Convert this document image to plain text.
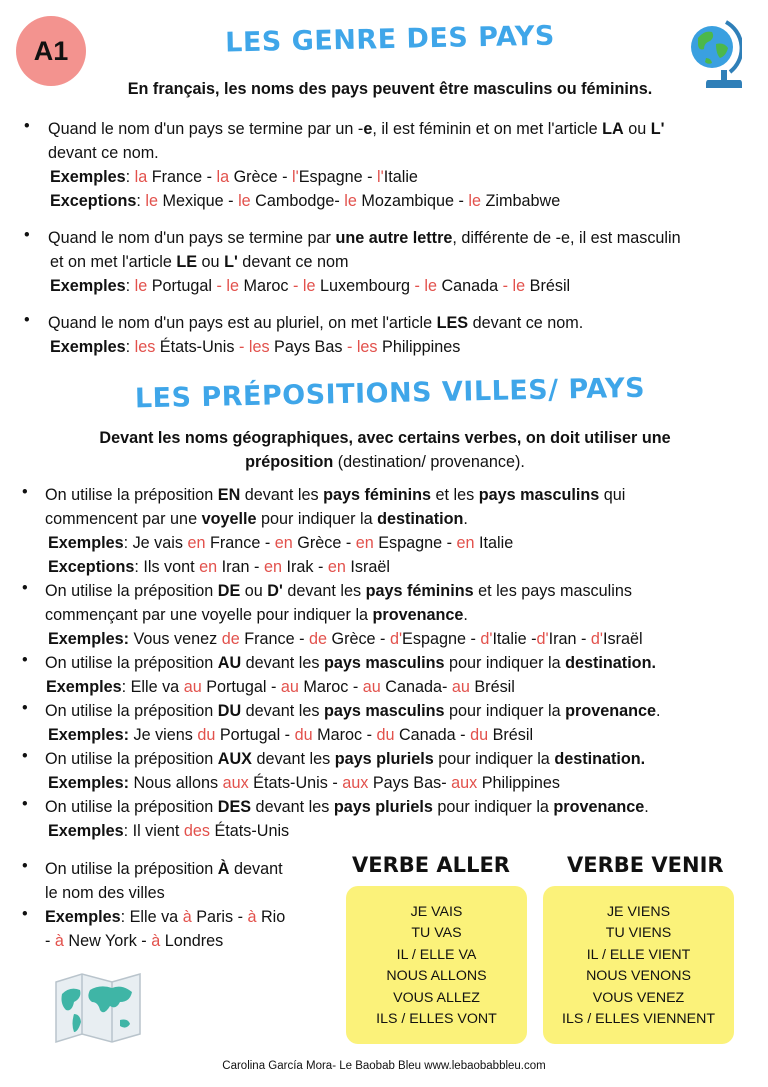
A1	LES GENRE DES PAYS
En français, les noms des pays peuvent être masculins ou féminins.
•	Quand le nom d'un pays se termine par un -e, il est féminin et on met l'article LA ou L'
devant ce nom.
Exemples: la France - la Grèce - l'Espagne - l'Italie
Exceptions: le Mexique - le Cambodge- le Mozambique - le Zimbabwe
•	Quand le nom d'un pays se termine par une autre lettre, différente de -e, il est masculin
et on met l'article LE ou L' devant ce nom
Exemples: le Portugal - le Maroc - le Luxembourg - le Canada - le Brésil
•	Quand le nom d'un pays est au pluriel, on met l'article LES devant ce nom.
Exemples: les États-Unis - les Pays Bas - les Philippines
LES PRÉPOSITIONS VILLES/ PAYS
Devant les noms géographiques, avec certains verbes, on doit utiliser une
préposition (destination/ provenance).
•	On utilise la préposition EN devant les pays féminins et les pays masculins qui
commencent par une voyelle pour indiquer la destination.
Exemples: Je vais en France - en Grèce - en Espagne - en Italie
Exceptions: Ils vont en Iran - en Irak - en Israël
•	On utilise la préposition DE ou D' devant les pays féminins et les pays masculins
commençant par une voyelle pour indiquer la provenance.
Exemples: Vous venez de France - de Grèce - d'Espagne - d'Italie -d'Iran - d'Israël
•	On utilise la préposition AU devant les pays masculins pour indiquer la destination.
Exemples: Elle va au Portugal - au Maroc - au Canada- au Brésil
•	On utilise la préposition DU devant les pays masculins pour indiquer la provenance.
Exemples: Je viens du Portugal - du Maroc - du Canada - du Brésil
•	On utilise la préposition AUX devant les pays pluriels pour indiquer la destination.
Exemples: Nous allons aux États-Unis - aux Pays Bas- aux Philippines
•	On utilise la préposition DES devant les pays pluriels pour indiquer la provenance.
Exemples: Il vient des États-Unis
•	On utilise la préposition À devant
le nom des villes
•	Exemples: Elle va à Paris - à Rio
- à New York - à Londres
VERBE ALLER
JE VAIS
TU VAS
IL / ELLE VA
NOUS ALLONS
VOUS ALLEZ
ILS / ELLES VONT
VERBE VENIR
JE VIENS
TU VIENS
IL / ELLE VIENT
NOUS VENONS
VOUS VENEZ
ILS / ELLES VIENNENT
Carolina García Mora- Le Baobab Bleu www.lebaobabbleu.com
